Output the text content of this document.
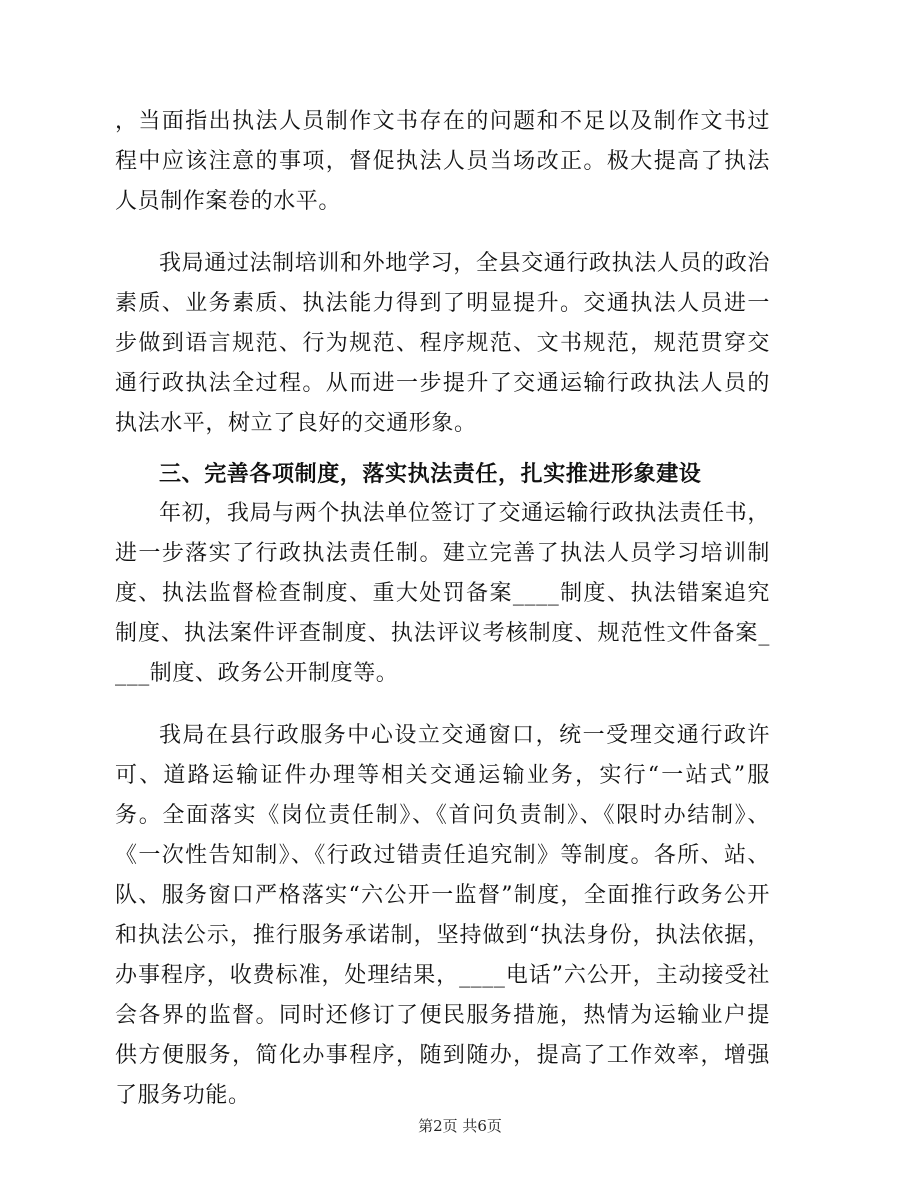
，当面指出执法人员制作文书存在的问题和不足以及制作文书过程中应该注意的事项，督促执法人员当场改正。极大提高了执法人员制作案卷的水平。

我局通过法制培训和外地学习，全县交通行政执法人员的政治素质、业务素质、执法能力得到了明显提升。交通执法人员进一步做到语言规范、行为规范、程序规范、文书规范，规范贯穿交通行政执法全过程。从而进一步提升了交通运输行政执法人员的执法水平，树立了良好的交通形象。

三、完善各项制度，落实执法责任，扎实推进形象建设

年初，我局与两个执法单位签订了交通运输行政执法责任书，进一步落实了行政执法责任制。建立完善了执法人员学习培训制度、执法监督检查制度、重大处罚备案____制度、执法错案追究制度、执法案件评查制度、执法评议考核制度、规范性文件备案____制度、政务公开制度等。

我局在县行政服务中心设立交通窗口，统一受理交通行政许可、道路运输证件办理等相关交通运输业务，实行“一站式”服务。全面落实《岗位责任制》、《首问负责制》、《限时办结制》、《一次性告知制》、《行政过错责任追究制》等制度。各所、站、队、服务窗口严格落实“六公开一监督”制度，全面推行政务公开和执法公示，推行服务承诺制，坚持做到“执法身份，执法依据，办事程序，收费标准，处理结果，____电话”六公开，主动接受社会各界的监督。同时还修订了便民服务措施，热情为运输业户提供方便服务，简化办事程序，随到随办，提高了工作效率，增强了服务功能。

第2页 共6页
